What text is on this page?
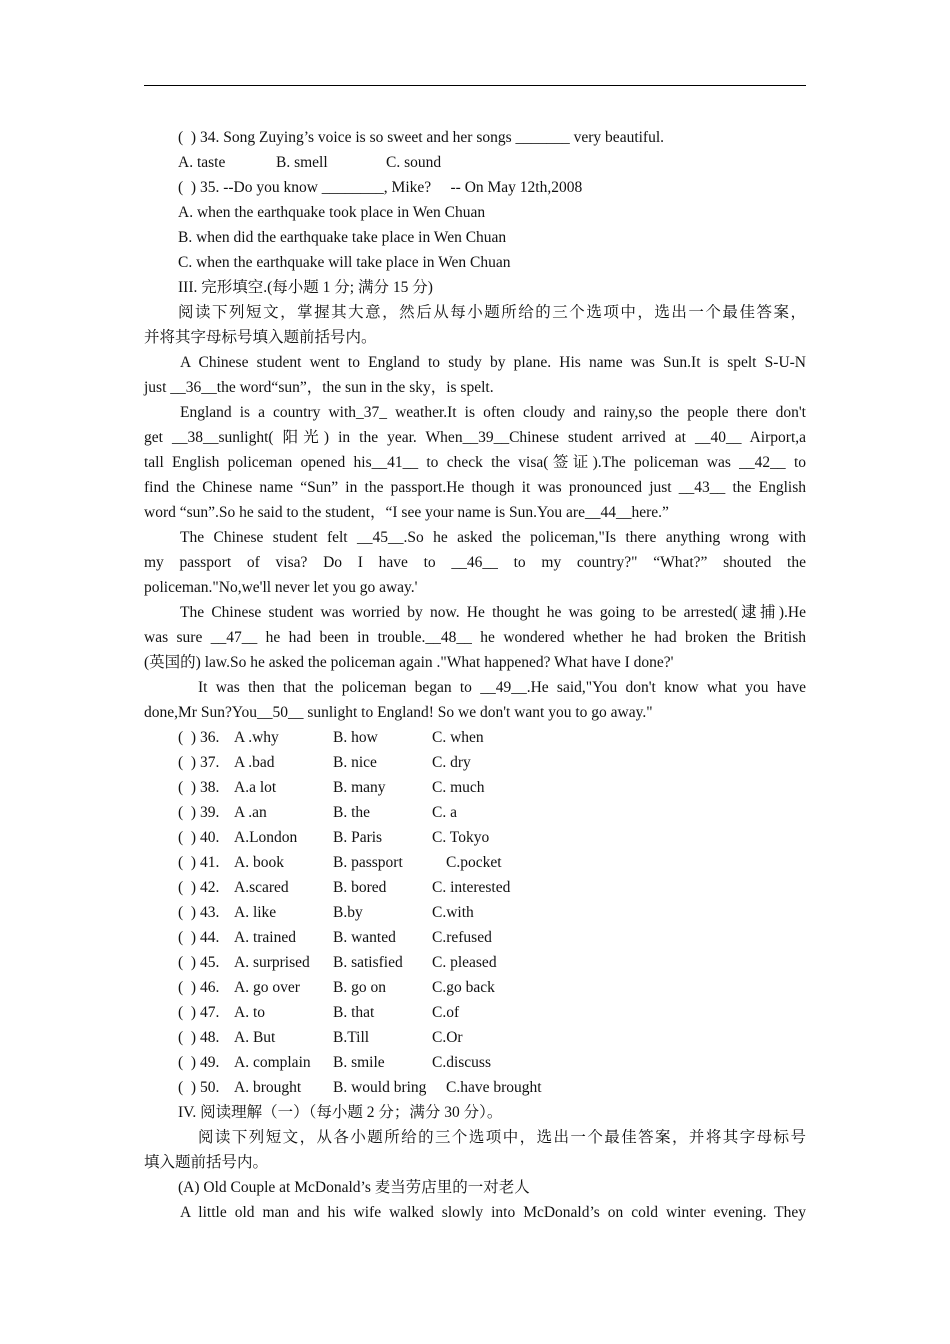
(  ) 34. Song Zuying’s voice is so sweet and her songs _______ very beautiful.
A. taste	B. smell	C. sound
(  ) 35. --Do you know ________, Mike?     -- On May 12th,2008
A. when the earthquake took place in Wen Chuan
B. when did the earthquake take place in Wen Chuan
C. when the earthquake will take place in Wen Chuan
III. 完形填空.(每小题 1 分; 满分 15 分)
阅读下列短文，掌握其大意，然后从每小题所给的三个选项中，选出一个最佳答案，
并将其字母标号填入题前括号内。
A Chinese student went to England to study by plane. His name was Sun.It is spelt S-U-N
just __36__the word“sun”，the sun in the sky，is spelt.
England is a country with_37_ weather.It is often cloudy and rainy,so the people there don't
get __38__sunlight( 阳光) in the year. When__39__Chinese student arrived at __40__ Airport,a
tall English policeman opened his__41__ to check the visa(签证).The policeman was __42__ to
find the Chinese name “Sun” in the passport.He though it was pronounced just __43__ the English
word “sun”.So he said to the student，“I see your name is Sun.You are__44__here.”
The Chinese student felt __45__.So he asked the policeman,"Is there anything wrong with
my passport of visa? Do I have to __46__ to my country?" “What?” shouted the
policeman."No,we'll never let you go away.'
The Chinese student was worried by now. He thought he was going to be arrested(逮捕).He
was sure __47__ he had been in trouble.__48__ he wondered whether he had broken the British
(英国的) law.So he asked the policeman again ."What happened? What have I done?'
It was then that the policeman began to __49__.He said,"You don't know what you have
done,Mr Sun?You__50__ sunlight to England! So we don't want you to go away."
(  ) 36. A .why	B. how	C. when
(  ) 37. A .bad	B. nice	C. dry
(  ) 38. A.a lot	B. many	C. much
(  ) 39. A .an	B. the	C. a
(  ) 40. A.London B. Paris	C. Tokyo
(  ) 41. A. book	B. passport	C.pocket
(  ) 42. A.scared	B. bored	C. interested
(  ) 43. A. like	B.by	C.with
(  ) 44. A. trained B. wanted C.refused
(  ) 45. A. surprised B. satisfied C. pleased
(  ) 46. A. go over B. go on	C.go back
(  ) 47. A. to	B. that	C.of
(  ) 48. A. But	B.Till	C.Or
(  ) 49. A. complain B. smile	C.discuss
(  ) 50. A. brought B. would bring C.have brought
IV. 阅读理解（一）（每小题 2 分；满分 30 分）。
阅读下列短文，从各小题所给的三个选项中，选出一个最佳答案，并将其字母标号
填入题前括号内。
(A) Old Couple at McDonald’s 麦当劳店里的一对老人
A little old man and his wife walked slowly into McDonald’s on cold winter evening. They
